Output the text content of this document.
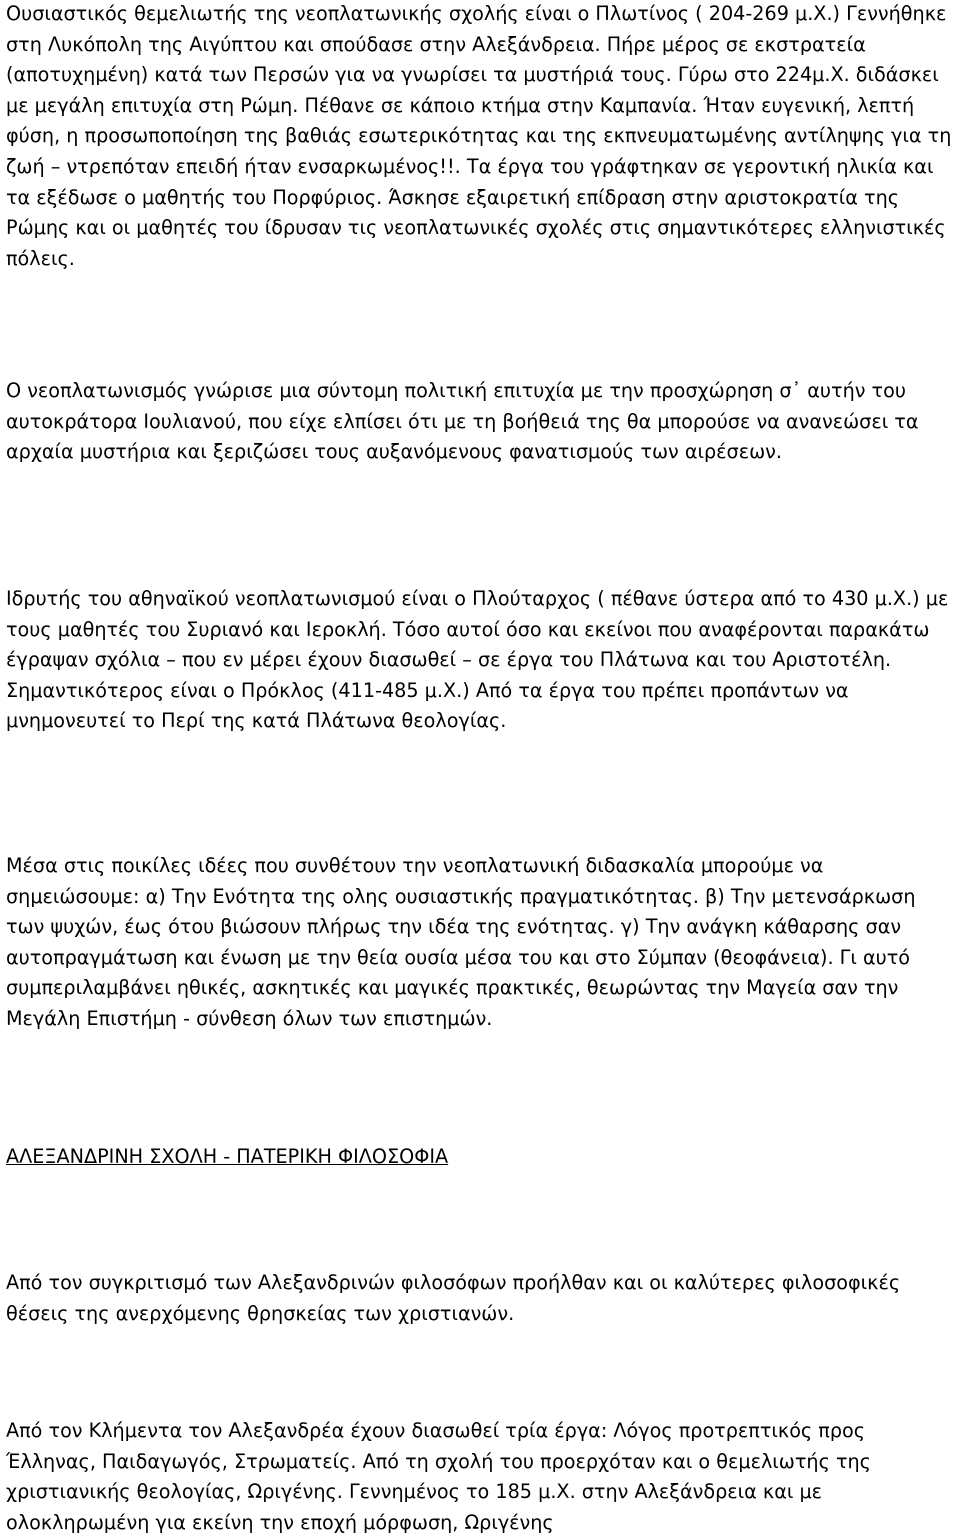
Ουσιαστικός θεμελιωτής της νεοπλατωνικής σχολής είναι ο Πλωτίνος ( 204-269 μ.Χ.) Γεννήθηκε στη Λυκόπολη της Αιγύπτου και σπούδασε στην Αλεξάνδρεια. Πήρε μέρος σε εκστρατεία (αποτυχημένη) κατά των Περσών για να γνωρίσει τα μυστήριά τους. Γύρω στο 224μ.Χ. διδάσκει με μεγάλη επιτυχία στη Ρώμη. Πέθανε σε κάποιο κτήμα στην Καμπανία. Ήταν ευγενική, λεπτή φύση, η προσωποποίηση της βαθιάς εσωτερικότητας και της εκπνευματωμένης αντίληψης για τη ζωή – ντρεπόταν επειδή ήταν ενσαρκωμένος!!. Τα έργα του γράφτηκαν σε γεροντική ηλικία και τα εξέδωσε ο μαθητής του Πορφύριος. Άσκησε εξαιρετική επίδραση στην αριστοκρατία της Ρώμης και οι μαθητές του ίδρυσαν τις νεοπλατωνικές σχολές στις σημαντικότερες ελληνιστικές πόλεις.

Ο νεοπλατωνισμός γνώρισε μια σύντομη πολιτική επιτυχία με την προσχώρηση σ᾿ αυτήν του αυτοκράτορα Ιουλιανού, που είχε ελπίσει ότι με τη βοήθειά της θα μπορούσε να ανανεώσει τα αρχαία μυστήρια και ξεριζώσει τους αυξανόμενους φανατισμούς των αιρέσεων.

Ιδρυτής του αθηναϊκού νεοπλατωνισμού είναι ο Πλούταρχος ( πέθανε ύστερα από το 430 μ.Χ.) με τους μαθητές του Συριανό και Ιεροκλή. Τόσο αυτοί όσο και εκείνοι που αναφέρονται παρακάτω έγραψαν σχόλια – που εν μέρει έχουν διασωθεί – σε έργα του Πλάτωνα και του Αριστοτέλη. Σημαντικότερος είναι ο Πρόκλος (411-485 μ.Χ.) Από τα έργα του πρέπει προπάντων να μνημονευτεί το Περί της κατά Πλάτωνα θεολογίας.

Μέσα στις ποικίλες ιδέες που συνθέτουν την νεοπλατωνική διδασκαλία μπορούμε να σημειώσουμε: α) Την Ενότητα της ολης ουσιαστικής πραγματικότητας. β) Την μετενσάρκωση των ψυχών, έως ότου βιώσουν πλήρως την ιδέα της ενότητας. γ) Την ανάγκη κάθαρσης σαν αυτοπραγμάτωση και ένωση με την θεία ουσία μέσα του και στο Σύμπαν (θεοφάνεια). Γι αυτό συμπεριλαμβάνει ηθικές, ασκητικές και μαγικές πρακτικές, θεωρώντας την Μαγεία σαν την Μεγάλη Επιστήμη - σύνθεση όλων των επιστημών.

ΑΛΕΞΑΝΔΡΙΝΗ ΣΧΟΛΗ - ΠΑΤΕΡΙΚΗ ΦΙΛΟΣΟΦΙΑ

Από τον συγκριτισμό των Αλεξανδρινών φιλοσόφων προήλθαν και οι καλύτερες φιλοσοφικές θέσεις της ανερχόμενης θρησκείας των χριστιανών.

Από τον Κλήμεντα τον Αλεξανδρέα έχουν διασωθεί τρία έργα: Λόγος προτρεπτικός προς Έλληνας, Παιδαγωγός, Στρωματείς. Από τη σχολή του προερχόταν και ο θεμελιωτής της χριστιανικής θεολογίας, Ωριγένης. Γεννημένος το 185 μ.Χ. στην Αλεξάνδρεια και με ολοκληρωμένη για εκείνη την εποχή μόρφωση, Ωριγένης
